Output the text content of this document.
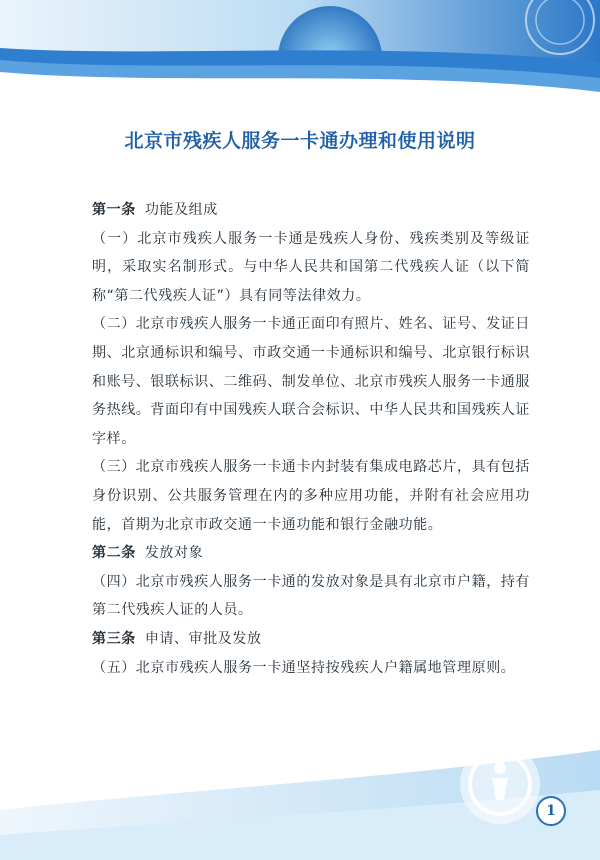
北京市残疾人服务一卡通办理和使用说明

第一条 功能及组成

（一）北京市残疾人服务一卡通是残疾人身份、残疾类别及等级证明，采取实名制形式。与中华人民共和国第二代残疾人证（以下简称“第二代残疾人证”）具有同等法律效力。

（二）北京市残疾人服务一卡通正面印有照片、姓名、证号、发证日期、北京通标识和编号、市政交通一卡通标识和编号、北京银行标识和账号、银联标识、二维码、制发单位、北京市残疾人服务一卡通服务热线。背面印有中国残疾人联合会标识、中华人民共和国残疾人证字样。

（三）北京市残疾人服务一卡通卡内封装有集成电路芯片，具有包括身份识别、公共服务管理在内的多种应用功能，并附有社会应用功能，首期为北京市政交通一卡通功能和银行金融功能。

第二条 发放对象

（四）北京市残疾人服务一卡通的发放对象是具有北京市户籍，持有第二代残疾人证的人员。

第三条 申请、审批及发放

（五）北京市残疾人服务一卡通坚持按残疾人户籍属地管理原则。

1
